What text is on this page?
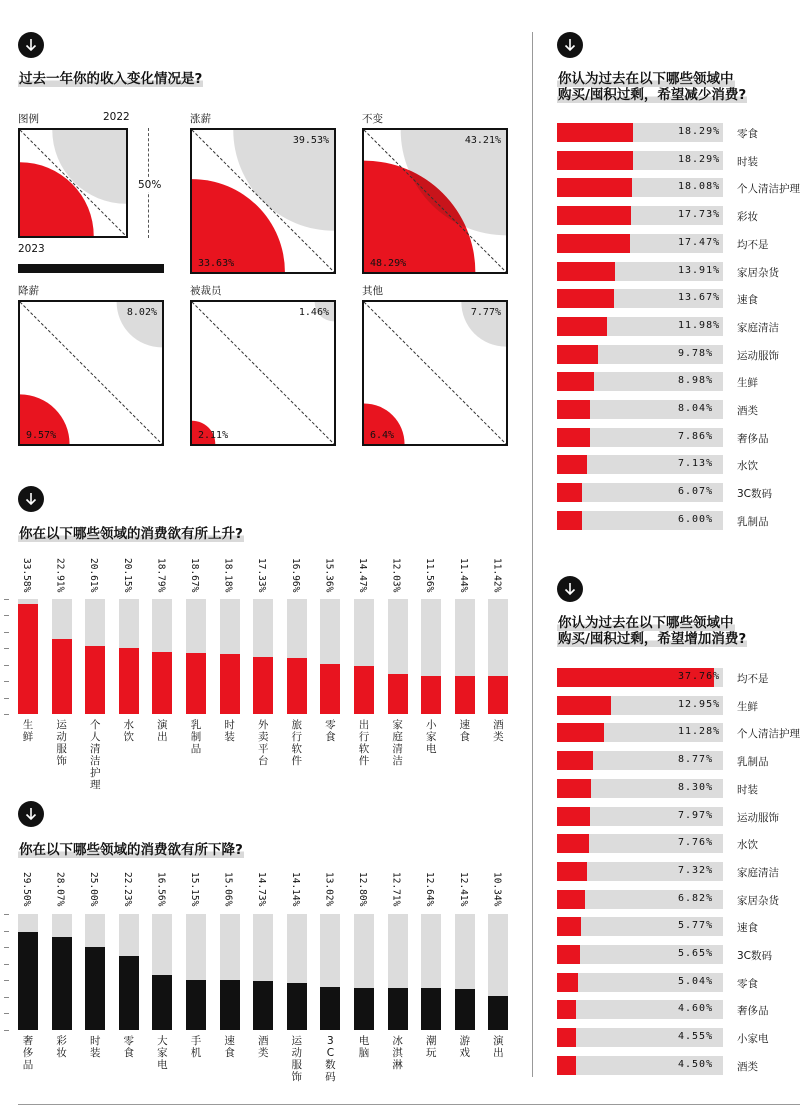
过去一年你的收入变化情况是?
图例	2022
2023
50%
涨薪
39.53%
33.63%
不变
43.21%
48.29%
降薪
8.02%
9.57%
被裁员
1.46%
2.11%
其他
7.77%
6.4%
你在以下哪些领域的消费欲有所上升?
33.58%
生鲜
22.91%
运动服饰
20.61%
个人清洁护理
20.15%
水饮
18.79%
演出
18.67%
乳制品
18.18%
时装
17.33%
外卖平台
16.96%
旅行软件
15.36%
零食
14.47%
出行软件
12.03%
家庭清洁
11.56%
小家电
11.44%
速食
11.42%
酒类
你在以下哪些领域的消费欲有所下降?
29.50%
奢侈品
28.07%
彩妆
25.00%
时装
22.23%
零食
16.56%
大家电
15.15%
手机
15.06%
速食
14.73%
酒类
14.14%
运动服饰
13.02%
3C数码
12.80%
电脑
12.71%
冰淇淋
12.64%
潮玩
12.41%
游戏
10.34%
演出
你认为过去在以下哪些领域中
购买/囤积过剩，希望减少消费?
18.29% 零食
18.29% 时装
18.08% 个人清洁护理
17.73% 彩妆
17.47% 均不是
13.91% 家居杂货
13.67% 速食
11.98% 家庭清洁
9.78% 运动服饰
8.98% 生鲜
8.04% 酒类
7.86% 奢侈品
7.13% 水饮
6.07% 3C数码
6.00% 乳制品
你认为过去在以下哪些领域中
购买/囤积过剩，希望增加消费?
37.76% 均不是
12.95% 生鲜
11.28% 个人清洁护理
8.77% 乳制品
8.30% 时装
7.97% 运动服饰
7.76% 水饮
7.32% 家庭清洁
6.82% 家居杂货
5.77% 速食
5.65% 3C数码
5.04% 零食
4.60% 奢侈品
4.55% 小家电
4.50% 酒类
